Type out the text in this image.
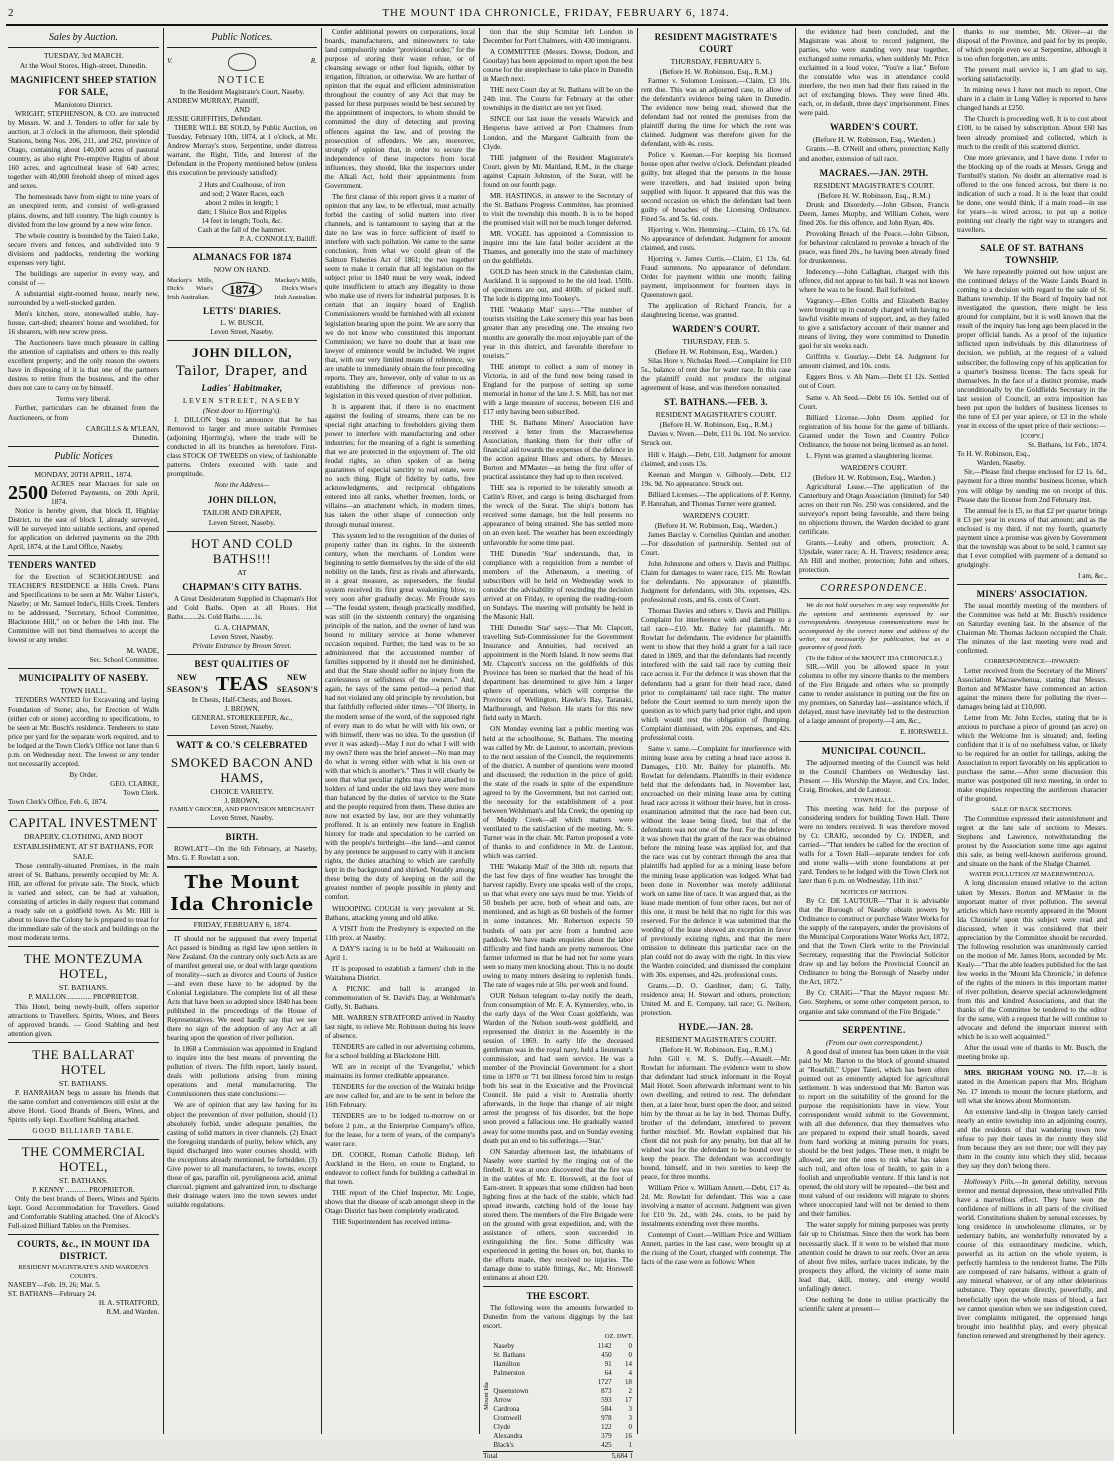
2	THE MOUNT IDA CHRONICLE, FRIDAY, FEBRUARY 6, 1874.
Sales by Auction.
TUESDAY, 3rd MARCH.
At the Wool Stores, High-street, Dunedin.
MAGNIFICENT SHEEP STATION FOR SALE,
Maniototo District.
WRIGHT, STEPHENSON, & CO. are instructed by Messrs. W. and J. Tenders to offer for sale by auction, at 3 o'clock in the afternoon, their splendid Stations, being Nos. 206, 211, and 262, province of Otago, containing about 140,000 acres of pastoral country, as also eight Pre-emptive Rights of about 160 acres, and agricultural lease of 640 acres; together with 40,000 freehold sheep of mixed ages and sexes.
The homesteads have from eight to nine years of an unexpired term, and consist of well-grassed plains, downs, and hill country. The high country is divided from the low ground by a new wire fence.
The whole country is bounded by the Taieri Lake, secure rivers and fences, and subdivided into 9 divisions and paddocks, rendering the working expenses very light.
The buildings are superior in every way, and consist of —
A substantial eight-roomed house, nearly new, surrounded by a well-stocked garden.
Men's kitchen, store, stonewalled stable, hay-house, cart-shed; shearers' house and woolshed, for 16 shearers, with new screw press.
The Auctioneers have much pleasure in calling the attention of capitalists and others to this really excellent property; and the only reason the owners have in disposing of it is that one of the partners desires to retire from the business, and the other does not care to carry on by himself.
Terms very liberal.
Further, particulars can be obtained from the Auctioneers, or from
CARGILLS & M'LEAN,
Dunedin.
Public Notices
MONDAY, 20TH APRIL, 1874.
2500 ACRES near Macraes for sale on Deferred Payments, on 20th April, 1874.
Notice is hereby given, that block II, Highlay District, to the east of block I, already surveyed, will be surveyed into suitable sections, and opened for application on deferred payments on the 20th April, 1874, at the Land Office, Naseby.
TENDERS WANTED
for the Erection of SCHOOLHOUSE and TEACHER'S RESIDENCE at Hills Creek. Plans and Specifications to be seen at Mr. Walter Lister's, Naseby; or Mr. Samuel Inder's, Hills Creek. Tenders to be addressed, "Secretary, School Committee, Blackstone Hill," on or before the 14th inst. The Committee will not bind themselves to accept the lowest or any tender.
M. WADE,
Sec. School Committee.
MUNICIPALITY OF NASEBY.
TOWN HALL.
TENDERS WANTED for Excavating and laying Foundation of Stone; also, for Erection of Walls (either cob or stone) according to specifications, to be seen at Mr. Busch's residence. Tenderers to state price per yard for the separate work required, and to be lodged at the Town Clerk's Office not later than 6 p.m. on Wednesday next. The lowest or any tender not necessarily accepted.
By Order.
GEO. CLARKE,
Town Clerk.
Town Clerk's Office, Feb. 6, 1874.
CAPITAL INVESTMENT
DRAPERY, CLOTHING, AND BOOT ESTABLISHMENT, AT ST BATHANS, FOR SALE.
Those centrally-situated Premises, in the main street of St. Bathans, presently occupied by Mr. A. Hill, are offered for private sale. The Stock, which is varied and select, can be had at valuation, consisting of articles in daily request that command a ready sale on a goldfield town. As Mr. Hill is about to leave the Colony he is prepared to treat for the immediate sale of the stock and buildings on the most moderate terms.
THE MONTEZUMA HOTEL,
ST. BATHANS.
P. MALLON.............. PROPRIETOR.
This Hotel, being newly-built, offers superior attractions to Travellers. Spirits, Wines, and Beers of approved brands. — Good Stabling and best attention given.
THE BALLARAT HOTEL
ST. BATHANS.
P. HANRAHAN begs to assure his friends that the same comfort and conveniences still exist at the above Hotel. Good Brands of Beers, Wines, and Spirits only kept. Excellent Stabling attached.
GOOD BILLIARD TABLE.
THE COMMERCIAL HOTEL,
ST. BATHANS.
P. KENNY ............ PROPRIETOR.
Only the best brands of Beers, Wines and Spirits kept. Good Accommodation for Travellers. Good and Comfortable Stabling attached. One of Alcock's Full-sized Billiard Tables on the Premises.
COURTS, &c., IN MOUNT IDA DISTRICT.
RESIDENT MAGISTRATE'S AND WARDEN'S COURTS.
NASEBY—Feb. 19, 26; Mar. 5.
ST. BATHANS—February 24.
H. A. STRATFORD,
R.M. and Warden.
Public Notices.
V.	R.
NOTICE
In the Resident Magistrate's Court, Naseby.
ANDREW MURRAY, Plaintiff,
AND
JESSIE GRIFFITHS, Defendant.
THERE WILL BE SOLD, by Public Auction, on Tuesday, February 10th, 1874, at 1 o'clock, at Mr. Andrew Murray's store, Serpentine, under distress warrant, the Right, Title, and Interest of the Defendant in the Property mentioned below (unless this execution be previously satisfied):
2 Huts and Coalhouse, of iron
and sod; 2 Water Races, each
about 2 miles in length; 1
dam; 1 Sluice Box and Ripples
14 feet in length; Tools, &c.
Cash at the fall of the hammer.
P. A. CONNOLLY, Bailiff.
ALMANACS FOR 1874
NOW ON HAND.
Mackay's Mills, Dick's Wise's Irish Australian.
1874
Mackay's Mills, Dick's Wise's Irish Australian.
LETTS' DIARIES.
L. W. BUSCH,
Leven Street, Naseby.
JOHN DILLON,
Tailor, Draper, and
Ladies' Habitmaker,
LEVEN STREET, NASEBY
(Next door to Hjorring's).
J. DILLON begs to announce that he has Removed to larger and more suitable Premises (adjoining Hjorring's), where the trade will be conducted in all its branches as heretofore. First-class STOCK OF TWEEDS on view, of fashionable patterns. Orders executed with taste and promptitude.
Note the Address—
JOHN DILLON,
TAILOR AND DRAPER,
Leven Street, Naseby.
HOT AND COLD BATHS!!!
AT
CHAPMAN'S CITY BATHS.
A Great Desideratum Supplied in Chapman's Hot and Cold Baths. Open at all Hours. Hot Baths........2s. Cold Baths........1s.
G. A. CHAPMAN,
Leven Street, Naseby.
Private Entrance by Broom Street.
BEST QUALITIES OF
NEW SEASON'S TEAS	NEW SEASON'S
In Chests, Half-Chests, and Boxes.
J. BROWN,
GENERAL STOREKEEPER, &c.,
Leven Street, Naseby.
WATT & CO.'S CELEBRATED
SMOKED BACON AND HAMS,
CHOICE VARIETY.
J. BROWN,
FAMILY GROCER, AND PROVISION MERCHANT
Leven Street, Naseby.
BIRTH.
ROWLATT—On the 6th February, at Naseby, Mrs. G. F. Rowlatt a son.
The Mount Ida Chronicle
FRIDAY, FEBRUARY 6, 1874.
IT should not be supposed that every Imperial Act passed is binding as rigid law upon settlers in New Zealand. On the contrary only such Acts as are of manifest general use, or deal with large questions of morality—such as divorce and Courts of Justice—and even these have to be adopted by the Colonial Legislature. The complete list of all these Acts that have been so adopted since 1840 has been published in the proceedings of the House of Representatives. We need hardly say that we see there no sign of the adoption of any Act at all bearing upon the question of river pollution.
In 1868 a Commission was appointed in England to inquire into the best means of preventing the pollution of rivers. The fifth report, lately issued, deals with pollutions arising from mining operations and metal manufacturing. The Commissioners thus state conclusions:—
We are of opinion that any law having for its object the prevention of river pollution, should (1) absolutely forbid, under adequate penalties, the casting of solid matters in river channels. (2) Enact the foregoing standards of purity, below which, any liquid discharged into water courses should, with the exceptions already mentioned, be forbidden. (3) Give power to all manufacturers, to towns, except those of gas, paraffin oil, pyroligneous acid, animal charcoal, pigment and galvanized iron, to discharge their drainage waters into the town sewers under suitable regulations.
Confer additional powers on corporations, local boards, manufacturers, and mineowners to take land compulsorily under "provisional order," for the purpose of storing their waste refuse, or of cleansing sewage or other foul liquids, either by irrigation, filtration, or otherwise. We are further of opinion that the equal and efficient administration throughout the country of any Act that may be passed for these purposes would be best secured by the appointment of inspectors, to whom should be committed the duty of detecting and proving offences against the law, and of proving the prosecution of offenders. We are, moreover, strongly of opinion that, in order to secure the independence of these inspectors from local influences, they should, like the inspectors under the Alkali Act, hold their appointments from Government.
The first clause of this report gives it a matter of opinion that any law, to be effectual, must actually forbid the casting of solid matters into river channels, and is tantamount to saying that at the date no law was in force sufficient of itself to interfere with such pollution. We came to the same conclusion, from what we could glean of the Salmon Fisheries Act of 1861; the two together seem to make it certain that all legislation on the subject prior to 1840 must be very weak, indeed quite insufficient to attach any illegality to those who make use of rivers for industrial purposes. It is certain that an inquiry board of English Commissioners would be furnished with all existent legislation bearing upon the point. We are sorry that we do not know who constituted this important Commission; we have no doubt that at least one lawyer of eminence would be included. We regret that, with our very limited means of reference, we are unable to immediately obtain the four preceding reports. They are, however, only of value to us as establishing the difference of previous non-legislation in this vexed question of river pollution.
It is apparent that, if there is no enactment against the fouling of streams, there can be no special right attaching to freeholders giving them power to interfere with manufacturing and other industries; for the meaning of a right is something that we are protected in the enjoyment of. The old feudal rights, so often spoken of as being guarantees of especial sanctity to real estate, were no such thing. Right of fidelity by oaths, free acknowledgments, and reciprocal obligations entered into all ranks, whether freemen, lords, or villains—an attachment which, in modern times, has taken the other shape of connection only through mutual interest.
This system led to the recognition of the duties of property rather than its rights. In the sixteenth century, when the merchants of London were beginning to settle themselves by the side of the old nobility on the lands, first as rivals and afterwards, in a great measure, as superseders, the feudal system received its first great weakening blow, to very soon after gradually decay. Mr Froude says—"The feudal system, though practically modified, was still (in the sixteenth century) the organising principle of the nation, and the owner of land was bound to military service at home whenever occasion required. Further, the land was to be so administered that the accustomed number of families supported by it should not be diminished, and that the State should suffer no injury from the carelessness or selfishness of the owners." And, again, he says of the same period—a period that had not violated any old principle by revolution, but that faithfully reflected older times—"Of liberty, in the modern sense of the word, of the supposed right of every man to do what he will with his own, or with himself, there was no idea. To the question (if ever it was asked)—May I not do what I will with my own? there was the brief answer—No man may do what is wrong either with what is his own or with that which is another's." Thus it will clearly be seen that what peculiar rights may have attached to holders of land under the old laws they were more than balanced by the duties of service to the State and the people required from them. These duties are now not exacted by law, nor are they voluntarily proffered. It is an entirely new feature in English history for trade and speculation to be carried on with the people's birthright—the land—and cannot by any pretence be supposed to carry with it ancient rights, the duties attaching to which are carefully kept in the background and shirked. Notably among these being the duty of keeping on the soil the greatest number of people possible in plenty and comfort.
WHOOPING COUGH is very prevalent at St. Bathans, attacking young and old alike.
A VISIT from the Presbytery is expected on the 11th prox. at Naseby.
A DAY'S racing is to be held at Waikouaiti on April 1.
IT is proposed to establish a farmers' club in the Waitahuna District.
A PICNIC and ball is arranged in commemoration of St. David's Day, at Welshman's Gully, St. Bathans.
MR. WARREN STRATFORD arrived in Naseby last night, to relieve Mr. Robinson during his leave of absence.
TENDERS are called in our advertising columns, for a school building at Blackstone Hill.
WE are in receipt of the 'Evangelist,' which maintains its former creditable appearance.
TENDERS for the erection of the Waitaki bridge are now called for, and are to be sent in before the 16th February.
TENDERS are to be lodged to-morrow on or before 2 p.m., at the Enterprise Company's office, for the lease, for a term of years, of the company's water race.
DR. COOKE, Roman Catholic Bishop, left Auckland in the Hero, en route to England, to endeavor to collect funds for building a cathedral in that town.
THE report of the Chief Inspector, Mr. Logie, shows that the disease of scab amongst sheep in the Otago District has been completely eradicated.
THE Superintendent has received intima-
tion that the ship Scimitar left London in December for Port Chalmers, with 430 immigrants.
A COMMITTEE (Messrs. Dowse, Dodson, and Gourlay) has been appointed to report upon the best course for the steeplechase to take place in Dunedin in March next.
THE next Court day at St. Bathans will be on the 24th inst. The Courts for February at the other townships in the district are not yet fixed.
SINCE our last issue the vessels Warwick and Hesperus have arrived at Port Chalmers from London, and the Margaret Galbraith from the Clyde.
THE judgment of the Resident Magistrate's Court, given by Mr. Maitland, R.M., in the charge against Captain Johnston, of the Surat, will be found on our fourth page.
MR. HASTINGS, in answer to the Secretary of the St. Bathans Progress Committee, has promised to visit the township this month. It is to be hoped the promised visit will not be much longer deferred.
MR. VOGEL has appointed a Commission to inquire into the late fatal boiler accident at the Thames, and generally into the state of machinery on the goldfields.
GOLD has been struck in the Caledonian claim, Auckland. It is supposed to be the old lead. 150lb. of specimens are out, and 400lb. of picked stuff. The lode is dipping into Tookey's.
THE 'Wakatip Mail' says:—"The number of tourists visiting the Lake scenery this year has been greater than any preceding one. The ensuing two months are generally the most enjoyable part of the year in this district, and favorable therefore to tourists."
THE attempt to collect a sum of money in Victoria, in aid of the fund now being raised in England for the purpose of setting up some memorial in honor of the late J. S. Mill, has not met with a large measure of success, between £16 and £17 only having been subscribed.
THE St. Bathans Miners' Association have received a letter from the Macraewhenua Association, thanking them for their offer of financial aid towards the expenses of the defence in the action against Blues and others, by Messrs. Borton and M'Master—as being the first offer of practical assistance they had up to then received.
THE sea is reported to be tolerably smooth at Catlin's River, and cargo is being discharged from the wreck of the Surat. The ship's bottom has received some damage, but the hull presents no appearance of being strained. She has settled more on an even keel. The weather has been exceedingly unfavorable for some time past.
THE Dunedin 'Star' understands, that, in compliance with a requisition from a number of members of the Athenæum, a meeting of subscribers will be held on Wednesday week to consider the advisability of rescinding the decision arrived at on Friday, re opening the reading-room on Sundays. The meeting will probably be held in the Masonic Hall.
THE Dunedin 'Star' says:—That Mr. Clapcott, travelling Sub-Commissioner for the Government Insurance and Annuities, had received an appointment in the North Island. It now seems that Mr. Clapcott's success on the goldfields of this Province has been so marked that the head of his department has determined to give him a larger sphere of operations, which will comprise the Provinces of Wellington, Hawke's Bay, Taranaki, Marlborough, and Nelson. He starts for this new field early in March.
ON Monday evening last a public meeting was held at the schoolhouse, St. Bathans. The meeting was called by Mr. de Lautour, to ascertain, previous to the next session of the Council, the requirements of the district. A number of questions were mooted and discussed; the reduction in the price of gold; the state of the roads in spite of the expenditure agreed to by the Government, but not carried out; the necessity for the establishment of a post between Welshman's and Ida Creek; the opening up of Muddy Creek—all which matters were ventilated to the satisfaction of the meeting. Mr. S. Turner was in the chair. Mr. Parton proposed a vote of thanks to and confidence in Mr. de Lautour, which was carried.
THE 'Wakatip Mail' of the 30th ult. reports that the last few days of fine weather has brought the harvest rapidly. Every one speaks well of the crops, so that what every one says must be true. Yields of 50 bushels per acre, both of wheat and oats, are mentioned, and as high as 60 bushels of the former in some instances. Mr. Robertson expects 50 bushels of oats per acre from a hundred acre paddock. We have made enquiries about the labor difficulty and find hands are pretty numerous. One farmer informed us that he had not for some years seen so many men knocking about. This is no doubt owing to many miners desiring to replenish funds. The rate of wages rule at 50s. per week and found.
OUR Nelson telegram to-day notify the death, from consumption of Mr. F. A. Kynnersley, who, in the early days of the West Coast goldfields, was Warden of the Nelson south-west goldfield, and represented the district in the Assembly in the session of 1869. In early life the deceased gentleman was in the royal navy, held a lieutenant's commission, and had seen service. He was a member of the Provincial Government for a short time in 1870 or '71 but illness forced him to resign both his seat in the Executive and the Provincial Council. He paid a visit to Australia shortly afterwards, in the hope that change of air might arrest the progress of his disorder, but the hope soon proved a fallacious one. He gradually wasted away for some months past, and on Sunday evening death put an end to his sufferings.—'Star.'
ON Saturday afternoon last, the inhabitants of Naseby were startled by the ringing out of the firebell. It was at once discovered that the fire was in the stables of Mr. E. Horswell, at the foot of Earn-street. It appears that some children had been lighting fires at the back of the stable, which had spread inwards, catching hold of the loose hay stored there. The members of the Fire Brigade were on the ground with great expedition, and, with the assistance of others, soon succeeded in extinguishing the fire. Some difficulty was experienced in getting the hoses on, but, thanks to the efforts made, they received no injuries. The damage done to stable fittings, &c., Mr. Horswell estimates at about £20.
THE ESCORT.
The following were the amounts forwarded to Dunedin from the various diggings by the last escort.
OZ. DWT.
Mount Ida
Naseby	1142	0
St. Bathans	450	0
Hamilton	91	14
Palmerston	64	4
	1727	18
Queenstown	873	2
Arrow	593	17
Cardrona	584	3
Cromwell	978	3
Clyde	122	0
Alexandra	379	16
Black's	425	1
Total	5,684 1
RESIDENT MAGISTRATE'S COURT
THURSDAY, FEBRUARY 5.
(Before H. W. Robinson, Esq., R.M.)
Farmer v. Solomon Louisson.—Claim, £3 10s. rent due. This was an adjourned case, to allow of the defendant's evidence being taken in Dunedin. The evidence now being read, showed that the defendant had not rented the premises from the plaintiff during the time for which the rent was claimed. Judgment was therefore given for the defendant, with 4s. costs.
Police v. Keenan.—For keeping his licensed house open after twelve o'clock. Defendant pleaded guilty, but alleged that the persons in the house were travellers, and had insisted upon being supplied with liquor. It appeared that this was the second occasion on which the defendant had been guilty of breaches of the Licensing Ordinance. Fined 5s. and 5s. 6d. costs.
Hjorring v. Wm. Hemming.—Claim, £6 17s. 6d. No appearance of defendant. Judgment for amount claimed, and costs.
Hjorring v. James Curtis.—Claim, £1 13s. 6d. Fraud summons. No appearance of defendant. Order for payment within one month; failing payment, imprisonment for fourteen days in Queenstown gaol.
The application of Richard Francis, for a slaughtering license, was granted.
WARDEN'S COURT.
THURSDAY, FEB. 5.
(Before H. W. Robinson, Esq., Warden.)
Silas Hore v. Nicholas Reed.—Complaint for £10 5s., balance of rent due for water race. In this case the plaintiff could not produce the original agreement of lease, and was therefore nonsuited.
ST. BATHANS.—FEB. 3.
RESIDENT MAGISTRATE'S COURT.
(Before H. W. Robinson, Esq., R.M.)
Davies v. Niven.—Debt, £11 0s. 10d. No service. Struck out.
Hill v. Haigh.—Debt, £10. Judgment for amount claimed, and costs 13s.
Keenan and Morgan v. Gilhooly.—Debt, £12 19s. 9d. No appearance. Struck out.
Billiard Licenses.—The applications of P. Kenny, P. Hanrahan, and Thomas Turner were granted.
WARDEN'S COURT.
(Before H. W. Robinson, Esq., Warden.)
James Barclay v. Cornelius Quinlan and another.—For dissolution of partnership. Settled out of Court.
John Johnstone and others v. Davis and Phillips. Claim for damages to water race, £15. Mr. Rowlatt for defendants. No appearance of plaintiffs. Judgment for defendants, with 30s. expenses, 42s. professional costs, and 6s. costs of Court.
Thomas Davies and others v. Davis and Phillips. Complaint for interference with and damage to a tail race—£10. Mr. Bailey for plaintiffs. Mr. Rowlatt for defendants. The evidence for plaintiffs went to show that they hold a grant for a tail race dated in 1869, and that the defendants had recently interfered with the said tail race by cutting their race across it. For the defence it was shown that the defendants had a grant for their head race, dated prior to complainants' tail race right. The matter before the Court seemed to turn merely upon the question as to which party had prior right, and upon which would rest the obligation of flumping. Complaint dismissed, with 20s. expenses, and 42s. professional costs.
Same v. same.—Complaint for interference with mining lease area by cutting a head race across it. Damages, £10. Mr. Bailey for plaintiffs. Mr. Rowlatt for defendants. Plaintiffs in their evidence held that the defendants had, in November last, encroached on their mining lease area by cutting head race across it without their leave, but in cross-examination admitted that the race had been cut, without the lease being fixed, but that of the defendants was not one of the four. For the defence it was shown that the grant of the race was obtained before the mining lease was applied for, and that the race was cut by contract through the area that plaintiffs had applied for as a mining lease before the mining lease application was lodged. What had been done in November was merely additional work on same line of race. It was argued that, as the lease made mention of four other races, but not of this one, it must be held that no right for this was reserved. For the defence it was submitted that the wording of the lease showed an exception in favor of previously existing rights, and that the mere omission to delineate this particular race on the plan could not do away with the right. In this view the Warden coincided, and dismissed the complaint with 30s. expenses, and 42s. professional costs.
Grants.—D. O. Gardiner, dam; G. Tally, residence area; H. Stewart and others, protection; United M. and E. Company, tail race; G. Neilson, protection.
HYDE.—JAN. 28.
RESIDENT MAGISTRATE'S COURT.
(Before H. W. Robinson, Esq., R.M.)
John Gill v. M. S. Duffy.—Assault.—Mr. Rowlatt for informant. The evidence went to show that defendant had struck informant in the Royal Mail Hotel. Soon afterwards informant went to his own dwelling, and retired to rest. The defendant then, at a later hour, burst open the door, and seized him by the throat as he lay in bed. Thomas Duffy, brother of the defendant, interfered to prevent further mischief. Mr. Rowlatt explained that his client did not push for any penalty, but that all he wished was for the defendant to be bound over to keep the peace. The defendant was accordingly bound, himself, and in two sureties to keep the peace, for three months.
William Price v. William Annett.—Debt, £17 4s. 2d. Mr. Rowlatt for defendant. This was a case involving a matter of account. Judgment was given for £10 9s. 2d., with 24s. costs, to be paid by instalments extending over three months.
Contempt of Court.—William Price and William Annett, parties in the last case, were brought up at the rising of the Court, charged with contempt. The facts of the case were as follows: When
the evidence had been concluded, and the Magistrate was about to record judgment, the parties, who were standing very near together, exchanged some remarks, when suddenly Mr. Price exclaimed in a loud voice, "You're a liar." Before the constable who was in attendance could interfere, the two men had their fists raised in the act of exchanging blows. They were fined 40s. each, or, in default, three days' imprisonment. Fines were paid.
WARDEN'S COURT.
(Before H. W. Robinson, Esq., Warden.)
Grants.—B. O'Neill and others, protection; Kelly and another, extension of tail race.
MACRAES.—JAN. 29TH.
RESIDENT MAGISTRATE'S COURT.
(Before H. W. Robinson, Esq., R.M.)
Drunk and Disorderly.—John Gibson, Francis Deem, James Murphy, and William Cohen, were fined 20s. for this offence, and John Ryan, 40s.
Provoking Breach of the Peace.—John Gibson, for behaviour calculated to provoke a breach of the peace, was fined 20s., he having been already fined for drunkenness.
Indecency.—John Callaghan, charged with this offence, did not appear to his bail. It was not known where he was to be found. Bail forfeited.
Vagrancy.—Ellen Collis and Elizabeth Bazley were brought up in custody charged with having no lawful visible means of support, and, as they failed to give a satisfactory account of their manner and means of living, they were committed to Dunedin gaol for six weeks each.
Griffiths v. Gourlay.—Debt £4. Judgment for amount claimed, and 10s. costs.
Eggers Bros. v. Ah Nam.—Debt £1 12s. Settled out of Court.
Same v. Ah Seed.—Debt £6 10s. Settled out of Court.
Billiard License.—John Deem applied for registration of his house for the game of billiards. Granted under the Town and Country Police Ordinance, the house not being licensed as an hotel.
L. Flynn was granted a slaughtering license.
WARDEN'S COURT.
(Before H. W. Robinson, Esq., Warden.)
Agricultural Lease.—The application of the Canterbury and Otago Association (limited) for 540 acres on their run No. 250 was considered, and the surveyor's report being favorable, and there being no objections thrown, the Warden decided to grant certificate.
Grants.—Leahy and others, protection; A. Upsdale, water race; A. H. Travers; residence area; Ah Hill and mother, protection; John and others, protection.
CORRESPONDENCE.
We do not hold ourselves in any way responsible for the opinions and sentiments expressed by our correspondents. Anonymous communications must be accompanied by the correct name and address of the writer, not necessarily for publication, but as a guarantee of good faith.
(To the Editor of the MOUNT IDA CHRONICLE.)
SIR,—Will you be allowed space in your columns to offer my sincere thanks to the members of the Fire Brigade and others who so promptly came to render assistance in putting out the fire on my premises, on Saturday last—assistance which, if delayed, must have inevitably led to the destruction of a large amount of property.—I am, &c.,
E. HORSWELL.
MUNICIPAL COUNCIL.
The adjourned meeting of the Council was held in the Council Chambers on Wednesday last. Present — His Worship the Mayor, and Crs. Inder, Craig, Brookes, and de Lautour.
TOWN HALL.
This meeting was held for the purpose of considering tenders for building Town Hall. There were no tenders received. It was therefore moved by Cr. CRAIG, seconded by Cr. INDER, and carried—"That tenders be called for the erection of walls for a Town Hall—separate tenders for cob and stone walls—with stone foundations at per yard. Tenders to be lodged with the Town Clerk not later than 6 p.m. on Wednesday, 11th inst."
NOTICES OF MOTION.
By Cr. DE LAUTOUR—"That it is advisable that the Borough of Naseby obtain powers by Ordinance to construct or purchase Water Works for the supply of the ratepayers, under the provisions of the Municipal Corporations Water Works Act, 1872, and that the Town Clerk write to the Provincial Secretary, requesting that the Provincial Solicitor draw up and lay before the Provincial Council an Ordinance to bring the Borough of Naseby under the Act, 1872."
By Cr. CRAIG—"That the Mayor request Mr. Geo. Stephens, or some other competent person, to organise and take command of the Fire Brigade."
SERPENTINE.
(From our own correspondent.)
A good deal of interest has been taken in the visit paid by Mr. Barton to the block of ground situated at "Rosehill," Upper Taieri, which has been often pointed out as eminently adapted for agricultural settlement. It was understood that Mr. Barton was to report on the suitability of the ground for the purpose the requisitionists have in view. Your correspondent would submit to the Government, with all due deference, that they themselves who are prepared to expend their small hoards, saved from hard working at mining pursuits for years, should be the best judges. These men, it might be allowed, are not the ones to risk what has taken such toil, and often loss of health, to gain in a foolish and unprofitable venture. If this land is not opened, the old story will be repeated—the best and most valued of our residents will migrate to shores where unoccupied land will not be denied to them and their families.
The water supply for mining purposes was pretty fair up to Christmas. Since then the work has been necessarily slack. If it were to be wished that more attention could be drawn to our reefs. Over an area of about five miles, surface traces indicate, by the prospects they afford, the vicinity of some main lead that, skill, money, and energy would unfailingly detect.
One nothing be done to utilise practically the scientific talent at present—
thanks to our member, Mr. Oliver—at the disposal of the Province, and paid for by its people, of which people even we at Serpentine, although it is too often forgotten, are units.
The present mail service is, I am glad to say, working satisfactorily.
In mining news I have not much to report. One share in a claim in Long Valley is reported to have changed hands at £250.
The Church is proceeding well. It is to cost about £100, to be raised by subscription. About £60 has been already promised and collected, which is much to the credit of this scattered district.
One more grievance, and I have done. I refer to the blocking up of the roads at Messrs. Gregg and Turnbull's station. No doubt an alternative road is offered to the one fenced across, but there is no indication of such a road. It is the least that could be done, one would think, if a main road—in use for years—is wired across, to put up a notice pointing out clearly the right way to strangers and travellers.
SALE OF ST. BATHANS TOWNSHIP.
We have repeatedly pointed out how unjust are the continued delays of the Waste Lands Board in coming to a decision with regard to the sale of St. Bathans township. If the Board of Inquiry had not investigated the question, there might be less ground for complaint, but it is well known that the result of the inquiry has long ago been placed in the proper official hands. As a proof of the injustice inflicted upon individuals by this dilatoriness of decision, we publish, at the request of a valued subscriber, the following copy of his application for a quarter's business license. The facts speak for themselves. In the face of a distinct promise, made unconditionally by the Goldfields Secretary in the last session of Council, an extra imposition has been put upon the holders of business licenses to the tune of £3 per year apiece, or £3 in the whole year in excess of the upset price of their sections:—
[COPY.]
St. Bathans, 1st Feb., 1874.
To H. W. Robinson, Esq.,
Warden, Naseby.
Sir,—Please find cheque enclosed for £2 1s. 6d., payment for a three months' business license, which you will oblige by sending me on receipt of this. Please date the license from 2nd February inst.
The annual fee is £5, so that £2 per quarter brings it £3 per year in excess of that amount; and as the enclosed is my third, if not my fourth, quarterly payment since a promise was given by Government that the township was about to be sold, I cannot say that I ever complied with payment of a demand so grudgingly.
I am, &c.,
MINERS' ASSOCIATION.
The usual monthly meeting of the members of the Committee was held at Mr. Busch's residence on Saturday evening last. In the absence of the Chairman Mr. Thomas Jackson occupied the Chair. The minutes of the last meeting were read and confirmed.
CORRESPONDENCE—INWARD:
Letter received from the Secretary of the Miners' Association Macraewhenua, stating that Messrs. Borton and M'Master have commenced an action against the miners there for polluting the river—damages being laid at £10,000.
Letter from Mr. John Eccles, stating that he is anxious to purchase a piece of ground (an acre) on which the Welcome Inn is situated; and, feeling confident that it is of no usefulness value, or likely to be required for an outlet for tailings, asking the Association to report favorably on his application to purchase the same.—After some discussion this matter was postponed till next meeting, in order to make enquiries respecting the auriferous character of the ground.
SALE OF BACK SECTIONS.
The Committee expressed their astonishment and regret at the late sale of sections to Messrs. Stephens and Lawrence, notwithstanding the protest by the Association some time ago against this sale, as being well-known auriferous ground, and situate on the bank of the Sludge Channel.
WATER POLLUTION AT MAEREWHENUA.
A long discussion ensued relative to the action taken by Messrs. Borton and M'Master in the important matter of river pollution. The several articles which have recently appeared in the 'Mount Ida Chronicle' upon this subject were read and discussed, when it was considered that their appreciation by the Committee should be recorded. The following resolution was unanimously carried on the motion of Mr. James Horn, seconded by Mr. Kealy—"That the able leaders published for the last few weeks in the 'Mount Ida Chronicle,' in defence of the rights of the miners in this important matter of river pollution, deserve special acknowledgment from this and kindred Associations, and that the thanks of the Committee be tendered to the editor for the same, with a request that he will continue to advocate and defend the important interest with which he is so well acquainted."
After the usual vote of thanks to Mr. Busch, the meeting broke up.
MRS. BRIGHAM YOUNG NO. 17.—It is stated in the American papers that Mrs. Brigham No. 17 intends to mount the lecture platform, and tell what she knows about Mormonism.
An extensive land-slip in Oregon lately carried nearly an entire township into an adjoining county, and the residents of that wandering town now refuse to pay their taxes in the county they slid from because they are not there; nor will they pay them in the county into which they slid, because they say they don't belong there.
Holloway's Pills.—In general debility, nervous tremor and mental depression, these unrivalled Pills have a marvellous effect. They have won the confidence of millions in all parts of the civilised world. Constitutions shaken by sensual excesses, by long residence in unwholesome climates, or by sedentary habits, are wonderfully renovated by a course of this extraordinary medicine, which, powerful as its action on the whole system, is perfectly harmless to the tenderest frame. The Pills are composed of rare balsams, without a grain of any mineral whatever, or of any other deleterious substance. They operate directly, powerfully, and beneficially upon the whole mass of blood, a fact we cannot question when we see indigestion cured, liver complaints mitigated, the oppressed lungs brought into healthful play, and every physical function renewed and strengthened by their agency.
